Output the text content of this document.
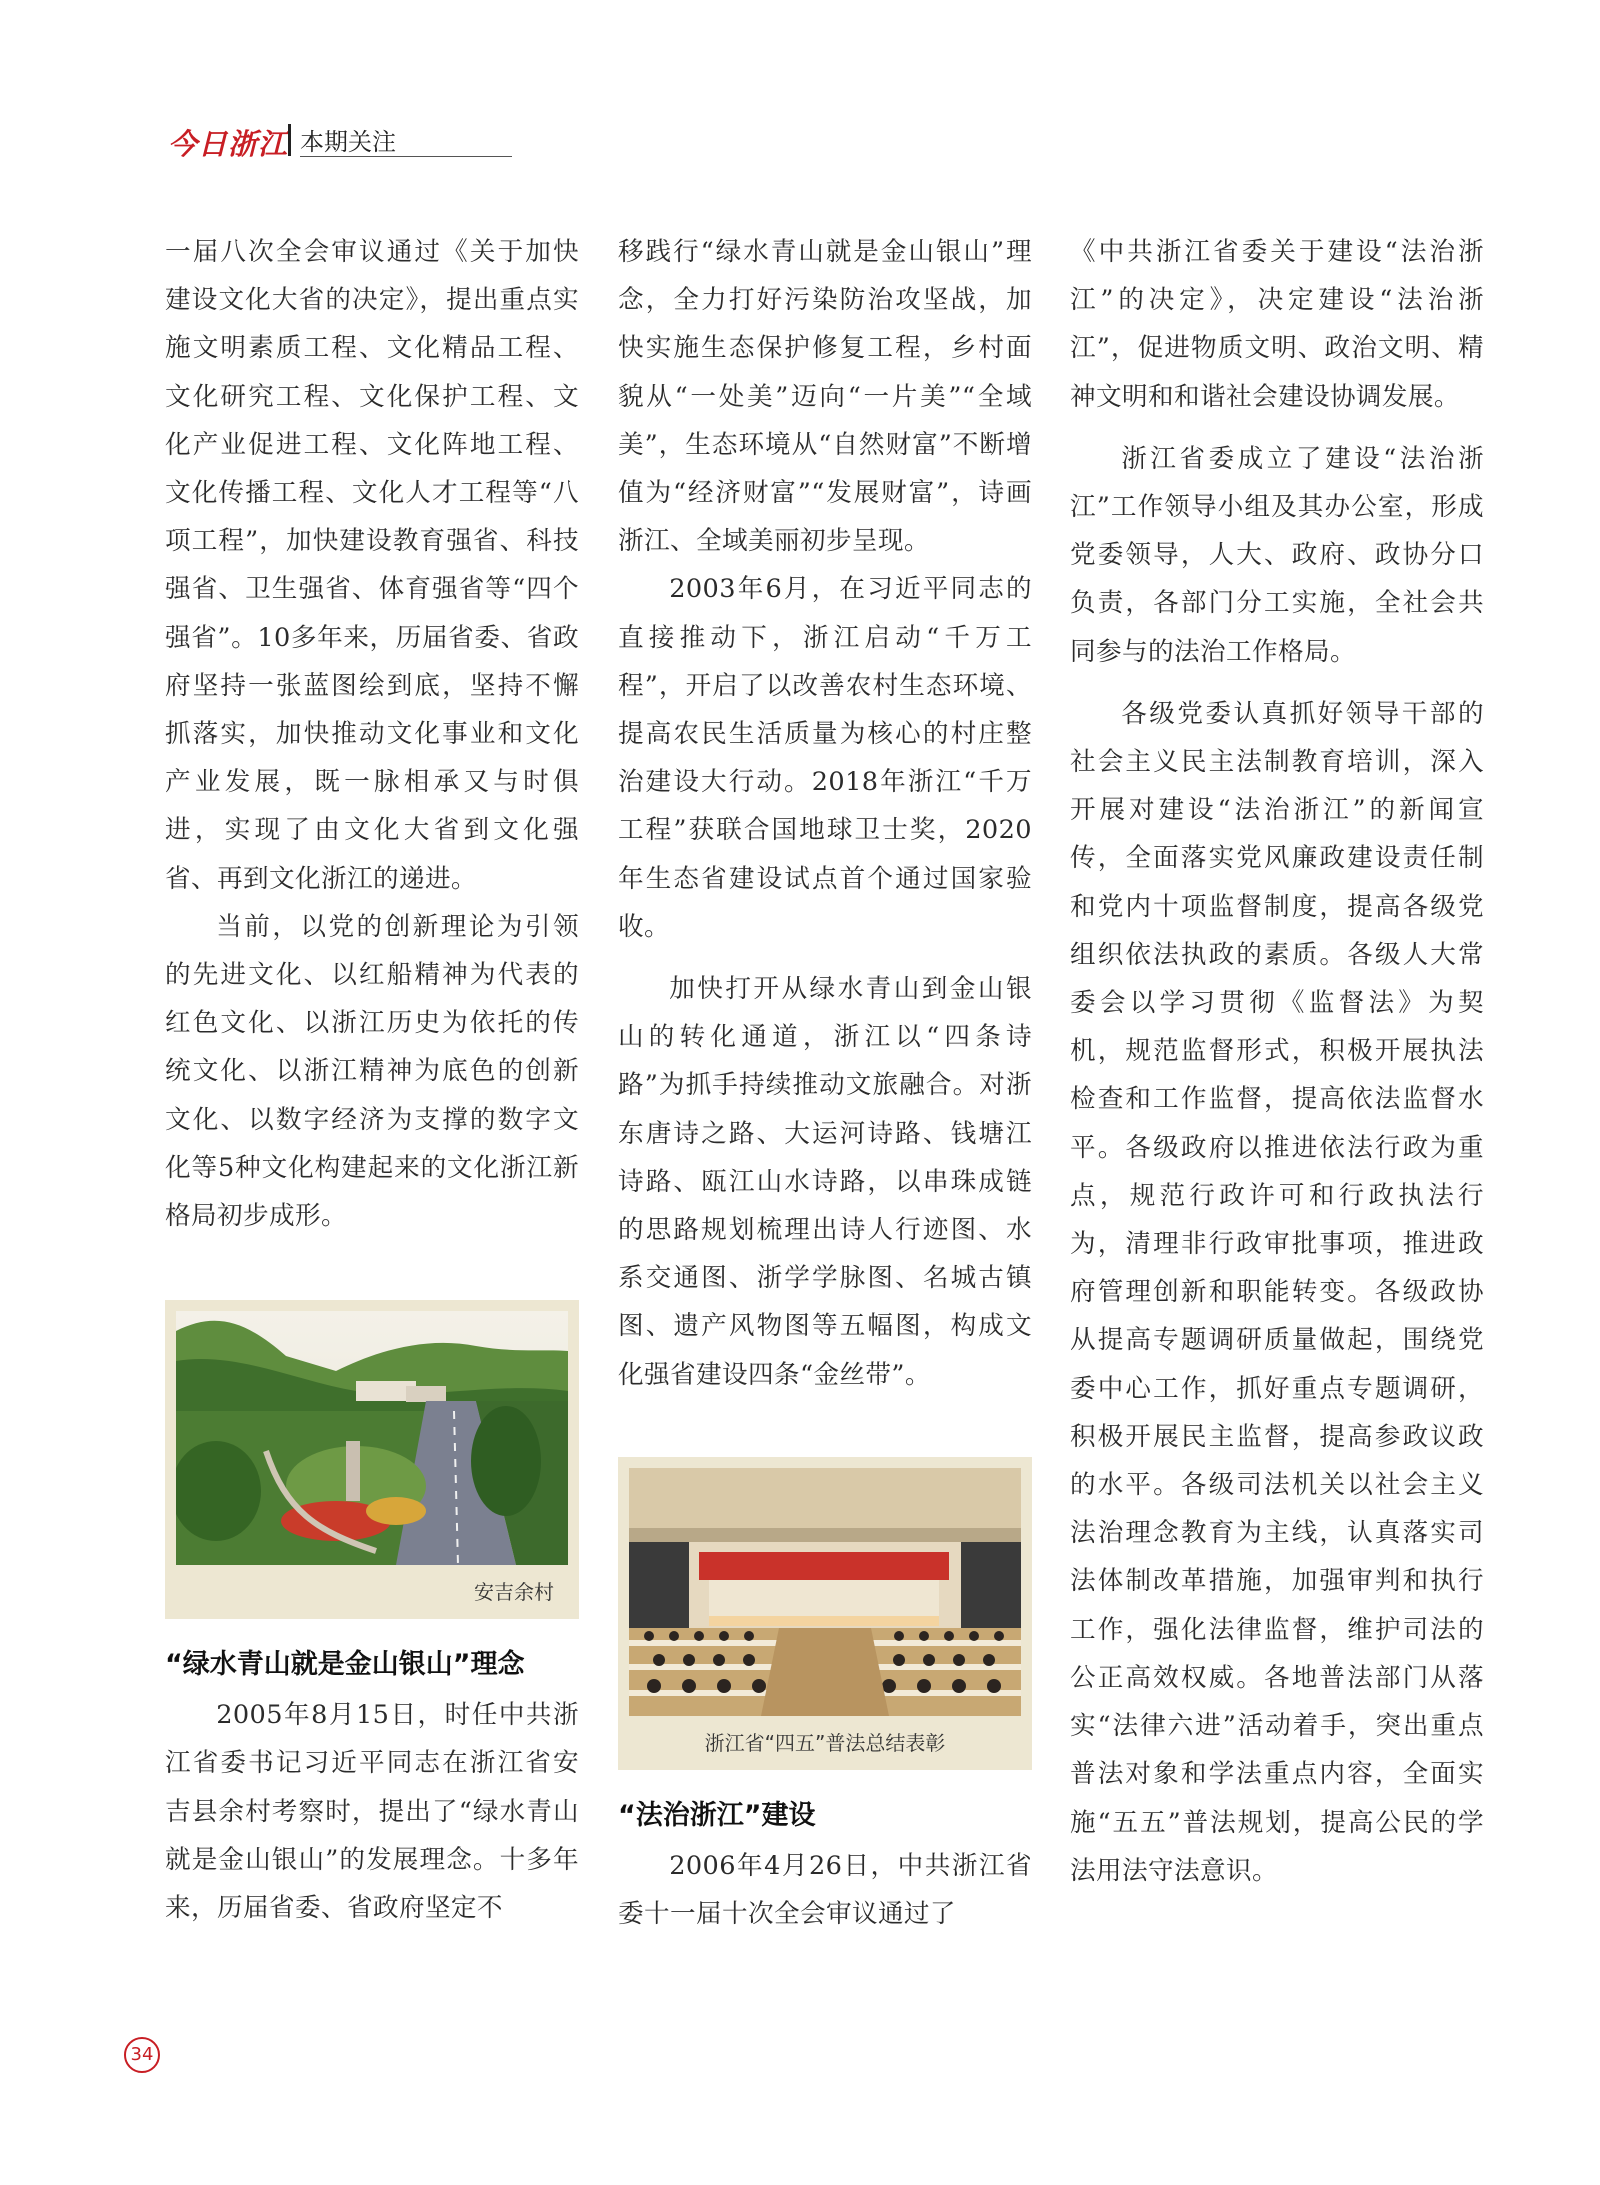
今日浙江 本期关注

一届八次全会审议通过《关于加快建设文化大省的决定》，提出重点实施文明素质工程、文化精品工程、文化研究工程、文化保护工程、文化产业促进工程、文化阵地工程、文化传播工程、文化人才工程等“八项工程”，加快建设教育强省、科技强省、卫生强省、体育强省等“四个强省”。10多年来，历届省委、省政府坚持一张蓝图绘到底，坚持不懈抓落实，加快推动文化事业和文化产业发展，既一脉相承又与时俱进，实现了由文化大省到文化强省、再到文化浙江的递进。

当前，以党的创新理论为引领的先进文化、以红船精神为代表的红色文化、以浙江历史为依托的传统文化、以浙江精神为底色的创新文化、以数字经济为支撑的数字文化等5种文化构建起来的文化浙江新格局初步成形。

安吉余村
“绿水青山就是金山银山”理念

2005年8月15日，时任中共浙江省委书记习近平同志在浙江省安吉县余村考察时，提出了“绿水青山就是金山银山”的发展理念。十多年来，历届省委、省政府坚定不

移践行“绿水青山就是金山银山”理念，全力打好污染防治攻坚战，加快实施生态保护修复工程，乡村面貌从“一处美”迈向“一片美”“全域美”，生态环境从“自然财富”不断增值为“经济财富”“发展财富”，诗画浙江、全域美丽初步呈现。

2003年6月，在习近平同志的直接推动下，浙江启动“千万工程”，开启了以改善农村生态环境、提高农民生活质量为核心的村庄整治建设大行动。2018年浙江“千万工程”获联合国地球卫士奖，2020年生态省建设试点首个通过国家验收。

加快打开从绿水青山到金山银山的转化通道，浙江以“四条诗路”为抓手持续推动文旅融合。对浙东唐诗之路、大运河诗路、钱塘江诗路、瓯江山水诗路，以串珠成链的思路规划梳理出诗人行迹图、水系交通图、浙学学脉图、名城古镇图、遗产风物图等五幅图，构成文化强省建设四条“金丝带”。

浙江省“四五”普法总结表彰
“法治浙江”建设

2006年4月26日，中共浙江省委十一届十次全会审议通过了

《中共浙江省委关于建设“法治浙江”的决定》，决定建设“法治浙江”，促进物质文明、政治文明、精神文明和和谐社会建设协调发展。

浙江省委成立了建设“法治浙江”工作领导小组及其办公室，形成党委领导，人大、政府、政协分口负责，各部门分工实施，全社会共同参与的法治工作格局。

各级党委认真抓好领导干部的社会主义民主法制教育培训，深入开展对建设“法治浙江”的新闻宣传，全面落实党风廉政建设责任制和党内十项监督制度，提高各级党组织依法执政的素质。各级人大常委会以学习贯彻《监督法》为契机，规范监督形式，积极开展执法检查和工作监督，提高依法监督水平。各级政府以推进依法行政为重点，规范行政许可和行政执法行为，清理非行政审批事项，推进政府管理创新和职能转变。各级政协从提高专题调研质量做起，围绕党委中心工作，抓好重点专题调研，积极开展民主监督，提高参政议政的水平。各级司法机关以社会主义法治理念教育为主线，认真落实司法体制改革措施，加强审判和执行工作，强化法律监督，维护司法的公正高效权威。各地普法部门从落实“法律六进”活动着手，突出重点普法对象和学法重点内容，全面实施“五五”普法规划，提高公民的学法用法守法意识。

34
